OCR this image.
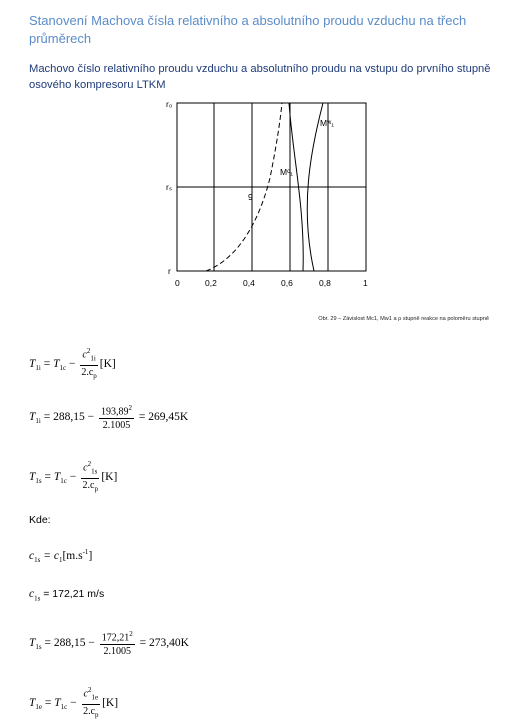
Stanovení Machova čísla relativního a absolutního proudu vzduchu na třech průměrech
Machovo číslo relativního proudu vzduchu a absolutního proudu na vstupu do prvního stupně osového kompresoru LTKM
r₀
rₛ
r
0	0,2	0,4	0,6	0,8	1
Mʷ₁
Mᶜ₁
9
Obr. 29 – Závislost Mc1, Mw1 a ρ stupně reakce na poloměru stupně
$T_{1i} = T_{1c} - \frac{c^2_{1i}}{2.c_p} [K]$
$T_{1i} = 288,15 - \frac{193,89^2}{2.1005} = 269,45K$
$T_{1s} = T_{1c} - \frac{c^2_{1s}}{2.c_p} [K]$
Kde:
$c_{1s} = c_1[m.s^{-1}]$
$c_{1s} = 172,21$ m/s
$T_{1s} = 288,15 - \frac{172,21^2}{2.1005} = 273,40K$
$T_{1e} = T_{1c} - \frac{c^2_{1e}}{2.c_p} [K]$
